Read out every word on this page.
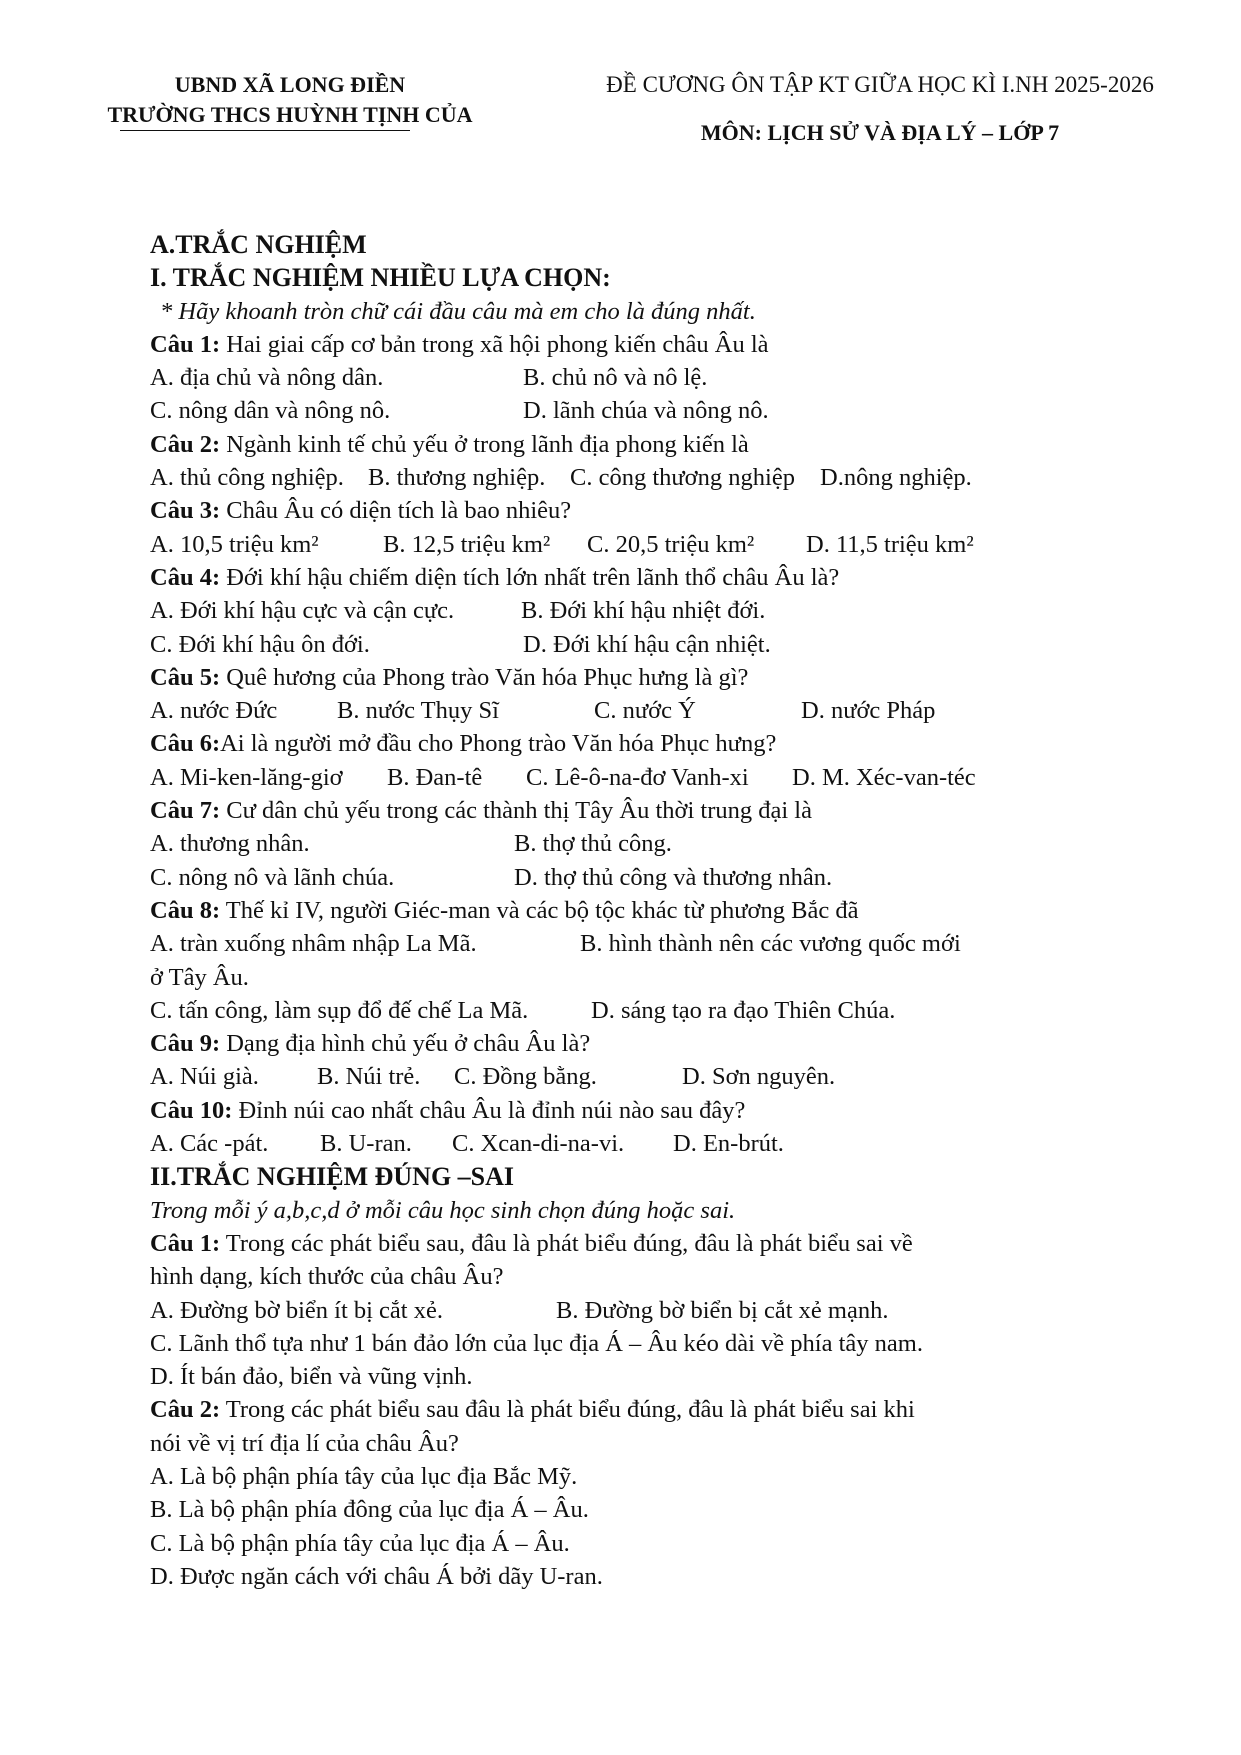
UBND XÃ LONG ĐIỀN
TRƯỜNG THCS HUỲNH TỊNH CỦA
ĐỀ CƯƠNG ÔN TẬP KT GIỮA HỌC KÌ I.NH 2025-2026
MÔN: LỊCH SỬ VÀ ĐỊA LÝ – LỚP 7
A.TRẮC NGHIỆM
I. TRẮC NGHIỆM NHIỀU LỰA CHỌN:
* Hãy khoanh tròn chữ cái đầu câu mà em cho là đúng nhất.
Câu 1: Hai giai cấp cơ bản trong xã hội phong kiến châu Âu là
A. địa chủ và nông dân.	B. chủ nô và nô lệ.
C. nông dân và nông nô.	D. lãnh chúa và nông nô.
Câu 2: Ngành kinh tế chủ yếu ở trong lãnh địa phong kiến là
A. thủ công nghiệp. B. thương nghiệp. C. công thương nghiệp D.nông nghiệp.
Câu 3: Châu Âu có diện tích là bao nhiêu?
A. 10,5 triệu km²	B. 12,5 triệu km² C. 20,5 triệu km² D. 11,5 triệu km²
Câu 4: Đới khí hậu chiếm diện tích lớn nhất trên lãnh thổ châu Âu là?
A. Đới khí hậu cực và cận cực.	B. Đới khí hậu nhiệt đới.
C. Đới khí hậu ôn đới.	D. Đới khí hậu cận nhiệt.
Câu 5: Quê hương của Phong trào Văn hóa Phục hưng là gì?
A. nước Đức B. nước Thụy Sĩ	C. nước Ý	D. nước Pháp
Câu 6:Ai là người mở đầu cho Phong trào Văn hóa Phục hưng?
A. Mi-ken-lăng-giơ B. Đan-tê C. Lê-ô-na-đơ Vanh-xi D. M. Xéc-van-téc
Câu 7: Cư dân chủ yếu trong các thành thị Tây Âu thời trung đại là
A. thương nhân.	B. thợ thủ công.
C. nông nô và lãnh chúa.	D. thợ thủ công và thương nhân.
Câu 8: Thế kỉ IV, người Giéc-man và các bộ tộc khác từ phương Bắc đã
A. tràn xuống nhâm nhập La Mã.	B. hình thành nên các vương quốc mới
ở Tây Âu.
C. tấn công, làm sụp đổ đế chế La Mã.	D. sáng tạo ra đạo Thiên Chúa.
Câu 9: Dạng địa hình chủ yếu ở châu Âu là?
A. Núi già. B. Núi trẻ. C. Đồng bằng.	D. Sơn nguyên.
Câu 10: Đỉnh núi cao nhất châu Âu là đỉnh núi nào sau đây?
A. Các -pát. B. U-ran. C. Xcan-di-na-vi. D. En-brút.
II.TRẮC NGHIỆM ĐÚNG –SAI
Trong mỗi ý a,b,c,d ở mỗi câu học sinh chọn đúng hoặc sai.
Câu 1: Trong các phát biểu sau, đâu là phát biểu đúng, đâu là phát biểu sai về
hình dạng, kích thước của châu Âu?
A. Đường bờ biển ít bị cắt xẻ.	B. Đường bờ biển bị cắt xẻ mạnh.
C. Lãnh thổ tựa như 1 bán đảo lớn của lục địa Á – Âu kéo dài về phía tây nam.
D. Ít bán đảo, biển và vũng vịnh.
Câu 2: Trong các phát biểu sau đâu là phát biểu đúng, đâu là phát biểu sai khi
nói về vị trí địa lí của châu Âu?
A. Là bộ phận phía tây của lục địa Bắc Mỹ.
B. Là bộ phận phía đông của lục địa Á – Âu.
C. Là bộ phận phía tây của lục địa Á – Âu.
D. Được ngăn cách với châu Á bởi dãy U-ran.
